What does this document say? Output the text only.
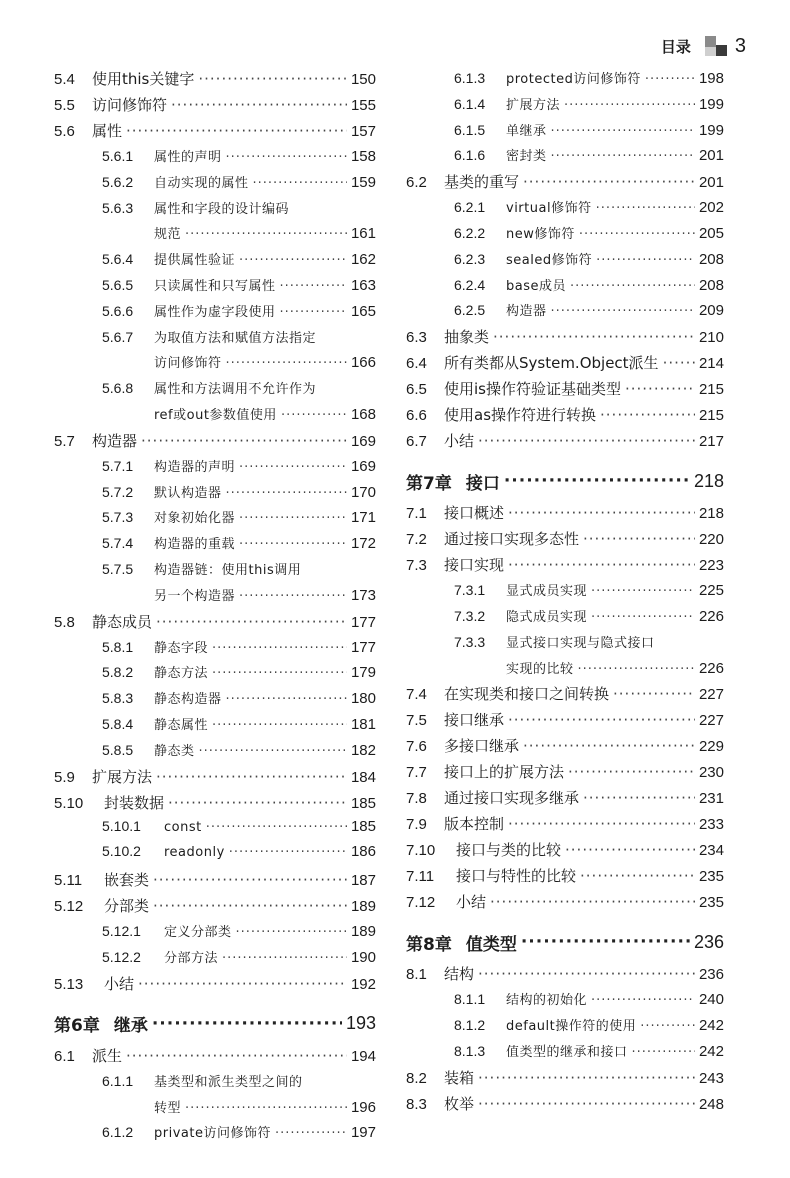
目录 3
5.4	使用this关键字 ·····	150
5.5	访问修饰符 ·····	155
5.6	属性 ·····	157
5.6.1	属性的声明 ·····	158
5.6.2	自动实现的属性 ·····	159
5.6.3	属性和字段的设计编码
规范 ·····	161
5.6.4	提供属性验证 ·····	162
5.6.5	只读属性和只写属性 ·····	163
5.6.6	属性作为虚字段使用 ·····	165
5.6.7	为取值方法和赋值方法指定
访问修饰符 ·····	166
5.6.8	属性和方法调用不允许作为
ref或out参数值使用 ·····	168
5.7	构造器 ·····	169
5.7.1	构造器的声明 ·····	169
5.7.2	默认构造器 ·····	170
5.7.3	对象初始化器 ·····	171
5.7.4	构造器的重载 ·····	172
5.7.5	构造器链：使用this调用
另一个构造器 ·····	173
5.8	静态成员 ·····	177
5.8.1	静态字段 ·····	177
5.8.2	静态方法 ·····	179
5.8.3	静态构造器 ·····	180
5.8.4	静态属性 ·····	181
5.8.5	静态类 ·····	182
5.9	扩展方法 ·····	184
5.10	封装数据 ·····	185
5.10.1	const ·····	185
5.10.2	readonly ·····	186
5.11	嵌套类 ·····	187
5.12	分部类 ·····	189
5.12.1	定义分部类 ·····	189
5.12.2	分部方法 ·····	190
5.13	小结 ·····	192
第6章 继承 ·····	193
6.1	派生 ·····	194
6.1.1	基类型和派生类型之间的
转型 ·····	196
6.1.2	private访问修饰符 ·····	197
6.1.3	protected访问修饰符 ·····	198
6.1.4	扩展方法 ·····	199
6.1.5	单继承 ·····	199
6.1.6	密封类 ·····	201
6.2	基类的重写 ·····	201
6.2.1	virtual修饰符 ·····	202
6.2.2	new修饰符 ·····	205
6.2.3	sealed修饰符 ·····	208
6.2.4	base成员 ·····	208
6.2.5	构造器 ·····	209
6.3	抽象类 ·····	210
6.4	所有类都从System.Object派生 ·····	214
6.5	使用is操作符验证基础类型 ·····	215
6.6	使用as操作符进行转换 ·····	215
6.7	小结 ·····	217
第7章 接口 ·····	218
7.1	接口概述 ·····	218
7.2	通过接口实现多态性 ·····	220
7.3	接口实现 ·····	223
7.3.1	显式成员实现 ·····	225
7.3.2	隐式成员实现 ·····	226
7.3.3	显式接口实现与隐式接口
实现的比较 ·····	226
7.4	在实现类和接口之间转换 ·····	227
7.5	接口继承 ·····	227
7.6	多接口继承 ·····	229
7.7	接口上的扩展方法 ·····	230
7.8	通过接口实现多继承 ·····	231
7.9	版本控制 ·····	233
7.10	接口与类的比较 ·····	234
7.11	接口与特性的比较 ·····	235
7.12	小结 ·····	235
第8章 值类型 ·····	236
8.1	结构 ·····	236
8.1.1	结构的初始化 ·····	240
8.1.2	default操作符的使用 ·····	242
8.1.3	值类型的继承和接口 ·····	242
8.2	装箱 ·····	243
8.3	枚举 ·····	248
